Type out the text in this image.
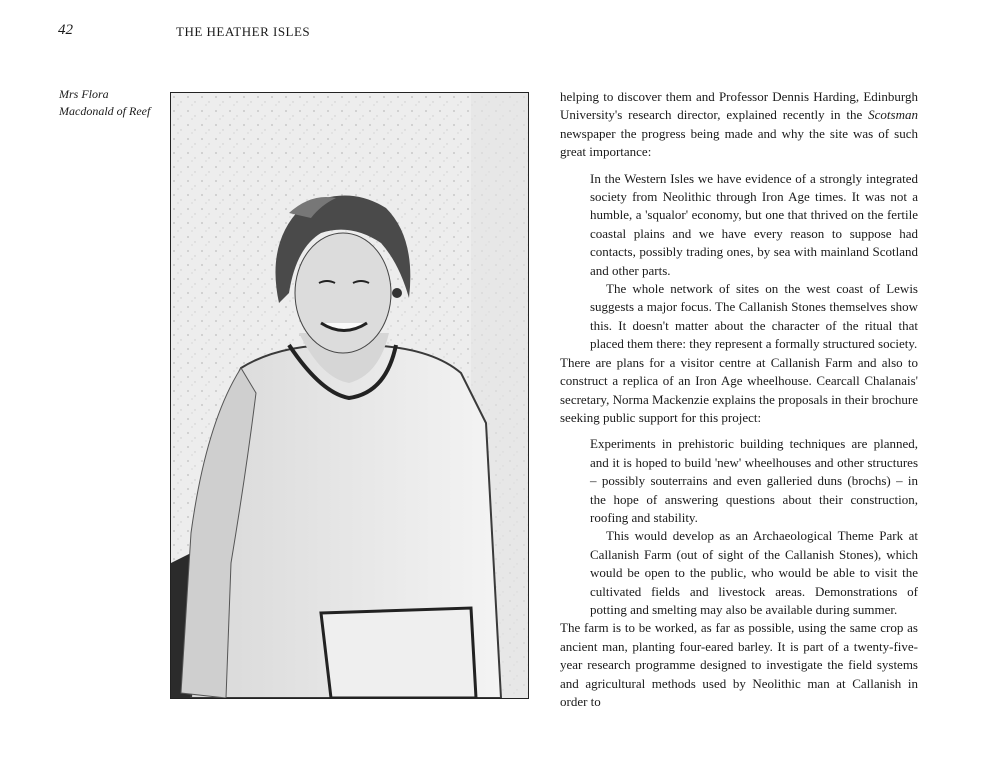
42	THE HEATHER ISLES
Mrs Flora
Macdonald of Reef

helping to discover them and Professor Dennis Harding, Edinburgh University's research director, explained recently in the Scotsman newspaper the progress being made and why the site was of such great importance:

In the Western Isles we have evidence of a strongly integrated society from Neolithic through Iron Age times. It was not a humble, a 'squalor' economy, but one that thrived on the fertile coastal plains and we have every reason to suppose had contacts, possibly trading ones, by sea with mainland Scotland and other parts.

The whole network of sites on the west coast of Lewis suggests a major focus. The Callanish Stones themselves show this. It doesn't matter about the character of the ritual that placed them there: they represent a formally structured society.

There are plans for a visitor centre at Callanish Farm and also to construct a replica of an Iron Age wheelhouse. Cearcall Chalanais' secretary, Norma Mackenzie explains the proposals in their brochure seeking public support for this project:

Experiments in prehistoric building techniques are planned, and it is hoped to build 'new' wheelhouses and other structures – possibly souterrains and even galleried duns (brochs) – in the hope of answering questions about their construction, roofing and stability.

This would develop as an Archaeological Theme Park at Callanish Farm (out of sight of the Callanish Stones), which would be open to the public, who would be able to visit the cultivated fields and livestock areas. Demonstrations of potting and smelting may also be available during summer.

The farm is to be worked, as far as possible, using the same crop as ancient man, planting four-eared barley. It is part of a twenty-five-year research programme designed to investigate the field systems and agricultural methods used by Neolithic man at Callanish in order to
